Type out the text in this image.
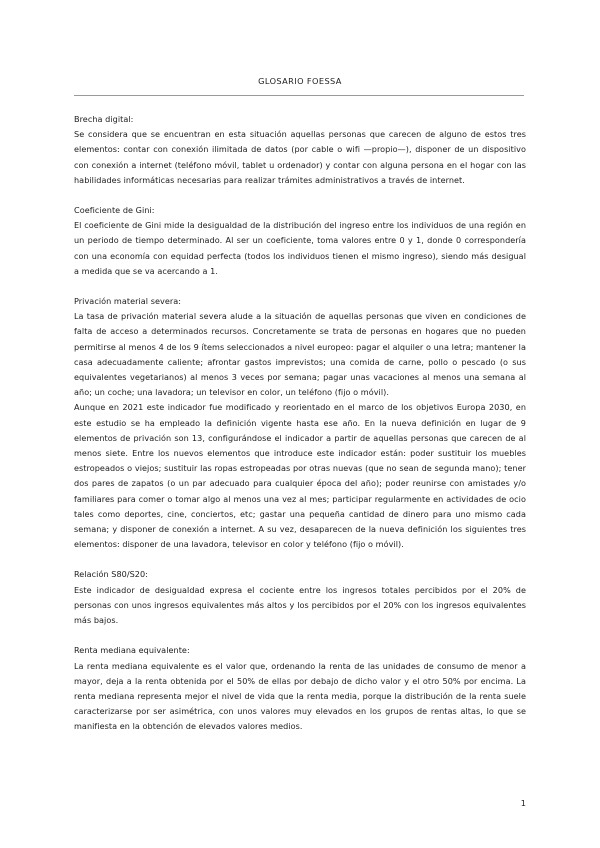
GLOSARIO FOESSA

Brecha digital:

Se considera que se encuentran en esta situación aquellas personas que carecen de alguno de estos tres elementos: contar con conexión ilimitada de datos (por cable o wifi —propio—), disponer de un dispositivo con conexión a internet (teléfono móvil, tablet u ordenador) y contar con alguna persona en el hogar con las habilidades informáticas necesarias para realizar trámites administrativos a través de internet.

Coeficiente de Gini:

El coeficiente de Gini mide la desigualdad de la distribución del ingreso entre los individuos de una región en un periodo de tiempo determinado. Al ser un coeficiente, toma valores entre 0 y 1, donde 0 correspondería con una economía con equidad perfecta (todos los individuos tienen el mismo ingreso), siendo más desigual a medida que se va acercando a 1.

Privación material severa:

La tasa de privación material severa alude a la situación de aquellas personas que viven en condiciones de falta de acceso a determinados recursos. Concretamente se trata de personas en hogares que no pueden permitirse al menos 4 de los 9 ítems seleccionados a nivel europeo: pagar el alquiler o una letra; mantener la casa adecuadamente caliente; afrontar gastos imprevistos; una comida de carne, pollo o pescado (o sus equivalentes vegetarianos) al menos 3 veces por semana; pagar unas vacaciones al menos una semana al año; un coche; una lavadora; un televisor en color, un teléfono (fijo o móvil).

Aunque en 2021 este indicador fue modificado y reorientado en el marco de los objetivos Europa 2030, en este estudio se ha empleado la definición vigente hasta ese año. En la nueva definición en lugar de 9 elementos de privación son 13, configurándose el indicador a partir de aquellas personas que carecen de al menos siete. Entre los nuevos elementos que introduce este indicador están: poder sustituir los muebles estropeados o viejos; sustituir las ropas estropeadas por otras nuevas (que no sean de segunda mano); tener dos pares de zapatos (o un par adecuado para cualquier época del año); poder reunirse con amistades y/o familiares para comer o tomar algo al menos una vez al mes; participar regularmente en actividades de ocio tales como deportes, cine, conciertos, etc; gastar una pequeña cantidad de dinero para uno mismo cada semana; y disponer de conexión a internet. A su vez, desaparecen de la nueva definición los siguientes tres elementos: disponer de una lavadora, televisor en color y teléfono (fijo o móvil).

Relación S80/S20:

Este indicador de desigualdad expresa el cociente entre los ingresos totales percibidos por el 20% de personas con unos ingresos equivalentes más altos y los percibidos por el 20% con los ingresos equivalentes más bajos.

Renta mediana equivalente:

La renta mediana equivalente es el valor que, ordenando la renta de las unidades de consumo de menor a mayor, deja a la renta obtenida por el 50% de ellas por debajo de dicho valor y el otro 50% por encima. La renta mediana representa mejor el nivel de vida que la renta media, porque la distribución de la renta suele caracterizarse por ser asimétrica, con unos valores muy elevados en los grupos de rentas altas, lo que se manifiesta en la obtención de elevados valores medios.

1
